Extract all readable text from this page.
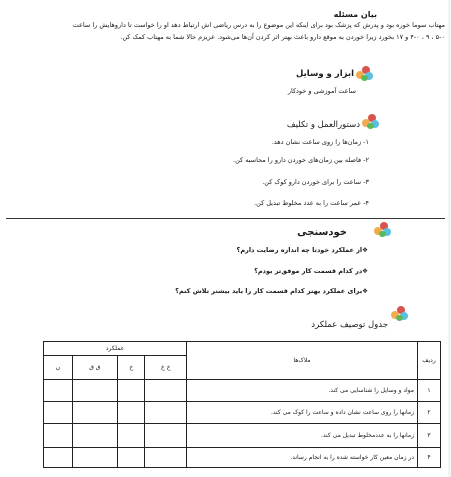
بیان مسئله
مهتاب سوما خوره بود و پدرش که پزشک بود برای اینکه این موضوع را به درس ریاضی اش ارتباط دهد او را خواست تا داروهایش را ساعت
۵-۰ ، ۹ ، ۴-۰ و ۱۷ بخورد زیرا خوردن به موقع دارو باعث بهتر اثر کردن آن‌ها می‌شود. عزیزم حالا شما به مهتاب کمک کن.
ابزار و وسایل
ساعت آموزشی و خودکار
دستورالعمل و تکلیف
۱- زمان‌ها را روی ساعت نشان دهد.
۲- فاصله بین زمان‌های خوردن دارو را محاسبه کن.
۳- ساعت را برای خوردن دارو کوک کن.
۴- عمر ساعت را به عدد مخلوط تبدیل کن.
خودسنجی
❖از عملکرد خودتا چه اندازه رضایت دارم؟
❖در کدام قسمت کار موفق‌تر بودم؟
❖برای عملکرد بهتر کدام قسمت کار را باید بیشتر تلاش کنم؟
جدول توصیف عملکرد
ردیف	ملاک‌ها	عملکرد			
		خ خ	خ	ق ق	ن
۱	مواد و وسایل را شناسایی می کند.				
۲	زمانها را روی ساعت نشان داده و ساعت را کوک می کند.				
۳	زمانها را به عددمخلوط تبدیل می کند.				
۴	در زمان معین کار خواسته شده را به انجام رساند.				
